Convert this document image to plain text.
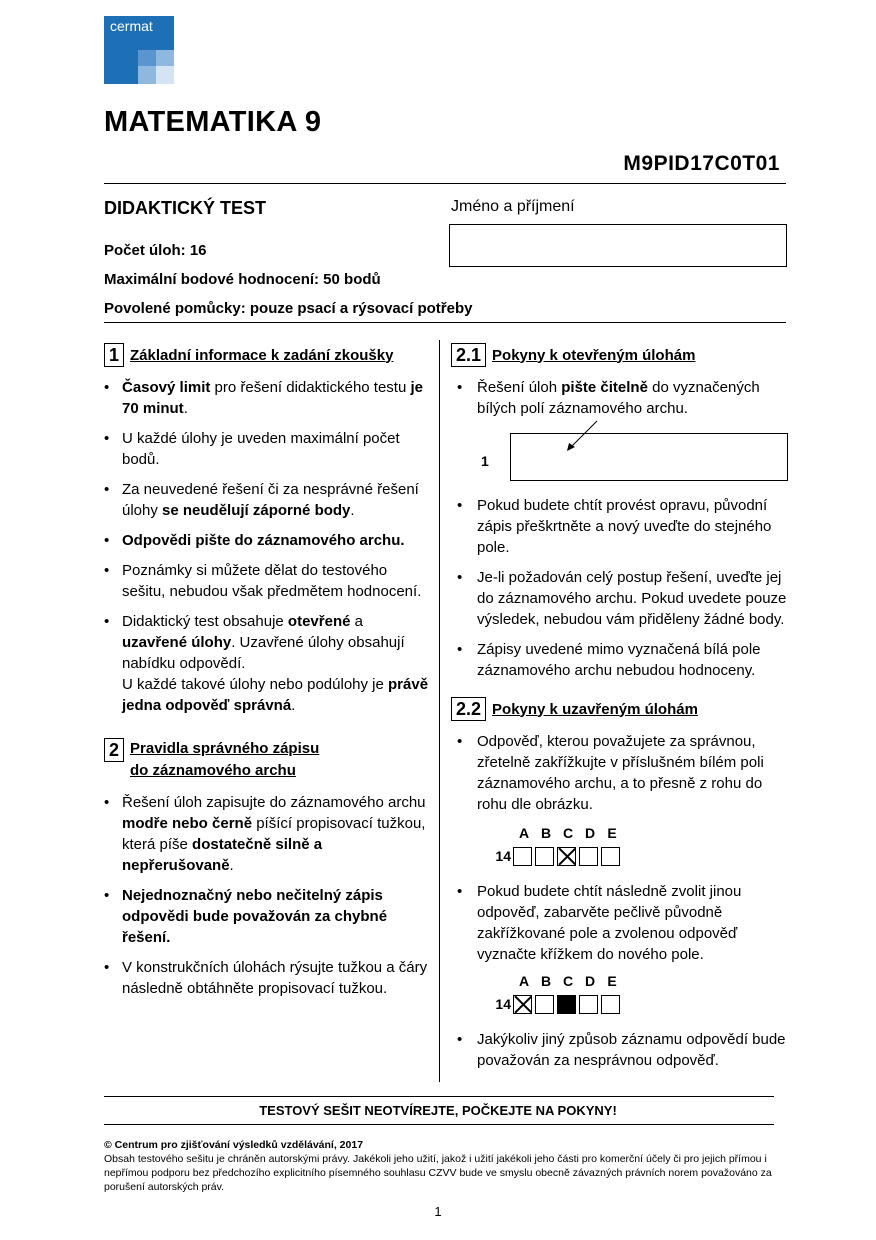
cermat
MATEMATIKA 9
M9PID17C0T01
DIDAKTICKÝ TEST	Jméno a příjmení
Počet úloh: 16
Maximální bodové hodnocení: 50 bodů
Povolené pomůcky: pouze psací a rýsovací potřeby
1 Základní informace k zadání zkoušky
• Časový limit pro řešení didaktického testu je 70 minut.
• U každé úlohy je uveden maximální počet bodů.
• Za neuvedené řešení či za nesprávné řešení úlohy se neudělují záporné body.
• Odpovědi pište do záznamového archu.
• Poznámky si můžete dělat do testového sešitu, nebudou však předmětem hodnocení.
• Didaktický test obsahuje otevřené a uzavřené úlohy. Uzavřené úlohy obsahují nabídku odpovědí.
U každé takové úlohy nebo podúlohy je právě jedna odpověď správná.
2 Pravidla správného zápisu
do záznamového archu
• Řešení úloh zapisujte do záznamového archu modře nebo černě píšící propisovací tužkou, která píše dostatečně silně a nepřerušovaně.
• Nejednoznačný nebo nečitelný zápis odpovědi bude považován za chybné řešení.
• V konstrukčních úlohách rýsujte tužkou a čáry následně obtáhněte propisovací tužkou.
2.1 Pokyny k otevřeným úlohám
• Řešení úloh pište čitelně do vyznačených bílých polí záznamového archu.
1
• Pokud budete chtít provést opravu, původní zápis přeškrtněte a nový uveďte do stejného pole.
• Je-li požadován celý postup řešení, uveďte jej do záznamového archu. Pokud uvedete pouze výsledek, nebudou vám přiděleny žádné body.
• Zápisy uvedené mimo vyznačená bílá pole záznamového archu nebudou hodnoceny.
2.2 Pokyny k uzavřeným úlohám
• Odpověď, kterou považujete za správnou, zřetelně zakřížkujte v příslušném bílém poli záznamového archu, a to přesně z rohu do rohu dle obrázku.
A B C D E
14
• Pokud budete chtít následně zvolit jinou odpověď, zabarvěte pečlivě původně zakřížkované pole a zvolenou odpověď vyznačte křížkem do nového pole.
A B C D E
14
• Jakýkoliv jiný způsob záznamu odpovědí bude považován za nesprávnou odpověď.
TESTOVÝ SEŠIT NEOTVÍREJTE, POČKEJTE NA POKYNY!
© Centrum pro zjišťování výsledků vzdělávání, 2017
Obsah testového sešitu je chráněn autorskými právy. Jakékoli jeho užití, jakož i užití jakékoli jeho části pro komerční účely či pro jejich přímou i nepřímou podporu bez předchozího explicitního písemného souhlasu CZVV bude ve smyslu obecně závazných právních norem považováno za porušení autorských práv.
1
